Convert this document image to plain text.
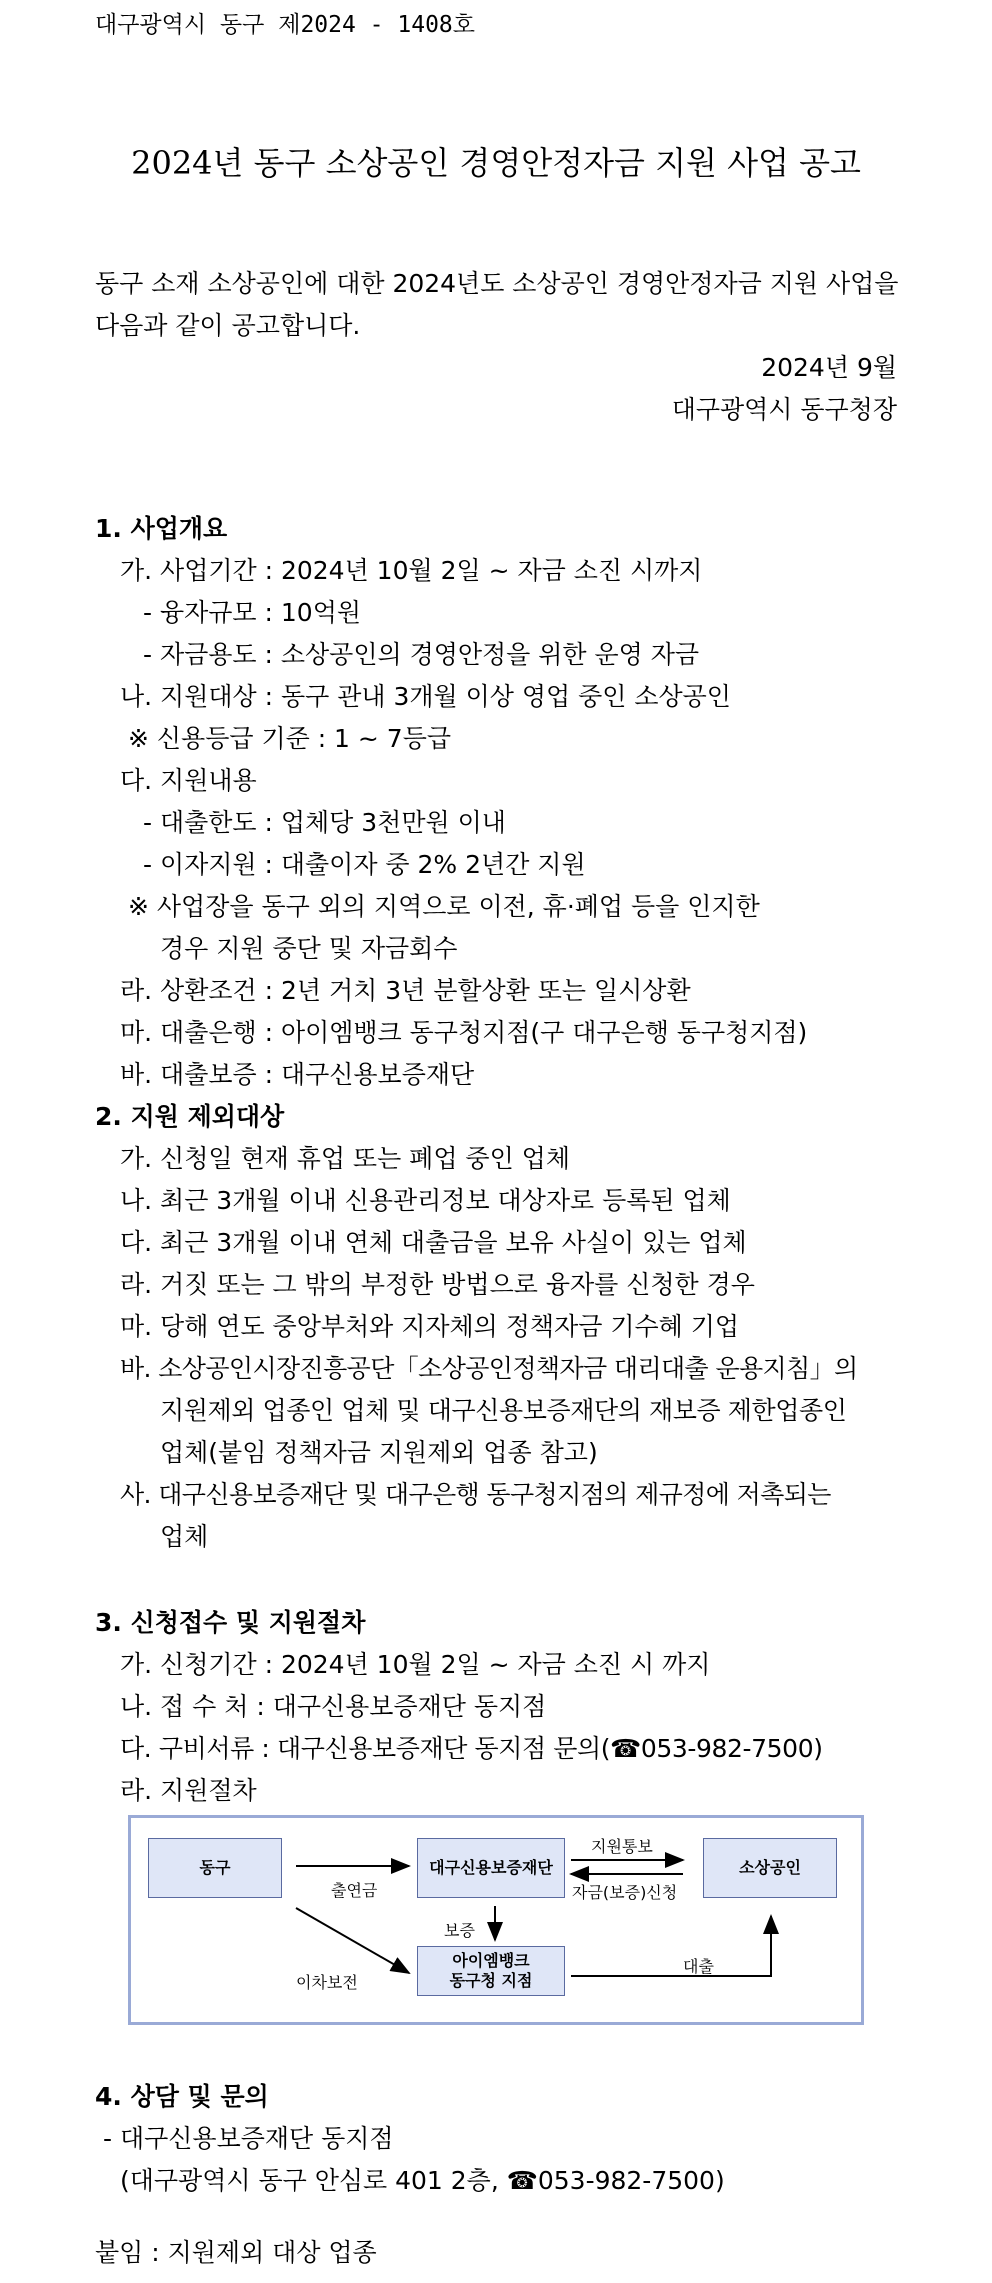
대구광역시 동구 제2024 - 1408호
2024년 동구 소상공인 경영안정자금 지원 사업 공고
동구 소재 소상공인에 대한 2024년도 소상공인 경영안정자금 지원 사업을
다음과 같이 공고합니다.
2024년 9월
대구광역시 동구청장
1. 사업개요
가. 사업기간 : 2024년 10월 2일 ~ 자금 소진 시까지
- 융자규모 : 10억원
- 자금용도 : 소상공인의 경영안정을 위한 운영 자금
나. 지원대상 : 동구 관내 3개월 이상 영업 중인 소상공인
※ 신용등급 기준 : 1 ~ 7등급
다. 지원내용
- 대출한도 : 업체당 3천만원 이내
- 이자지원 : 대출이자 중 2% 2년간 지원
※ 사업장을 동구 외의 지역으로 이전, 휴·폐업 등을 인지한
경우 지원 중단 및 자금회수
라. 상환조건 : 2년 거치 3년 분할상환 또는 일시상환
마. 대출은행 : 아이엠뱅크 동구청지점(구 대구은행 동구청지점)
바. 대출보증 : 대구신용보증재단
2. 지원 제외대상
가. 신청일 현재 휴업 또는 폐업 중인 업체
나. 최근 3개월 이내 신용관리정보 대상자로 등록된 업체
다. 최근 3개월 이내 연체 대출금을 보유 사실이 있는 업체
라. 거짓 또는 그 밖의 부정한 방법으로 융자를 신청한 경우
마. 당해 연도 중앙부처와 지자체의 정책자금 기수혜 기업
바. 소상공인시장진흥공단「소상공인정책자금 대리대출 운용지침」의
지원제외 업종인 업체 및 대구신용보증재단의 재보증 제한업종인
업체(붙임 정책자금 지원제외 업종 참고)
사. 대구신용보증재단 및 대구은행 동구청지점의 제규정에 저촉되는
업체
3. 신청접수 및 지원절차
가. 신청기간 : 2024년 10월 2일 ~ 자금 소진 시 까지
나. 접 수 처 : 대구신용보증재단 동지점
다. 구비서류 : 대구신용보증재단 동지점 문의(☎053-982-7500)
라. 지원절차
동구	대구신용보증재단	소상공인
아이엠뱅크
동구청 지점
출연금
지원통보
자금(보증)신청
보증
이차보전
대출
4. 상담 및 문의
- 대구신용보증재단 동지점
(대구광역시 동구 안심로 401 2층, ☎053-982-7500)
붙임 : 지원제외 대상 업종
